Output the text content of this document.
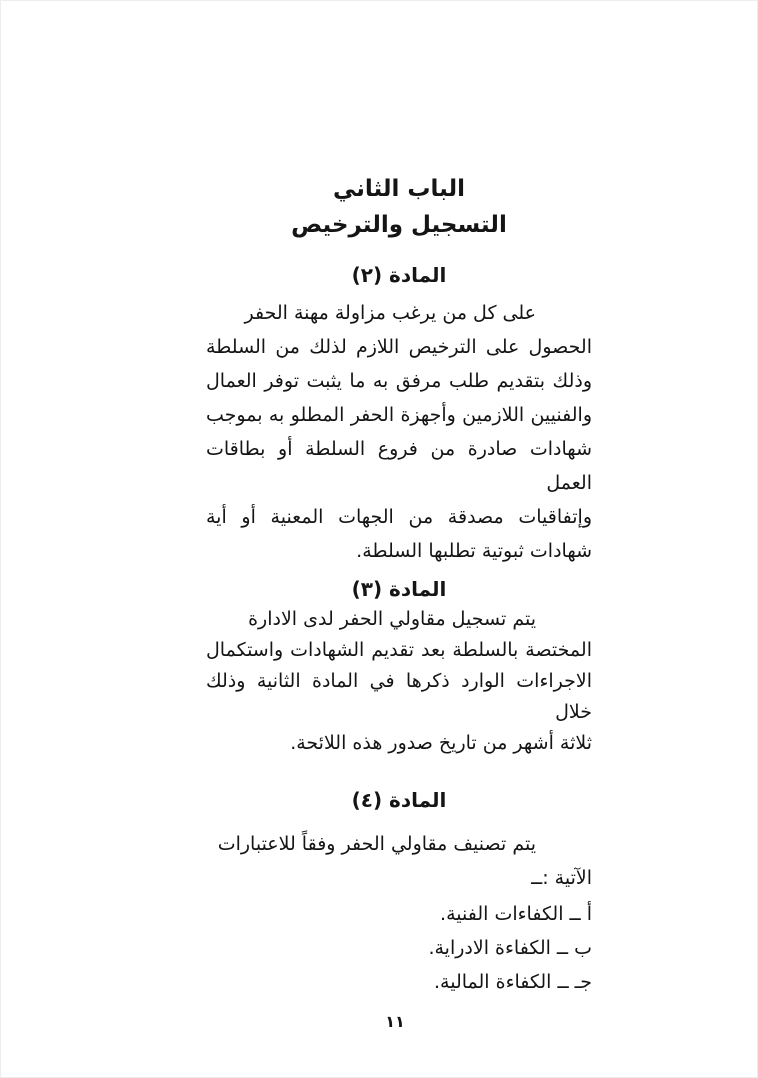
الباب الثاني
التسجيل والترخيص
المادة (٢)
على كل من يرغب مزاولة مهنة الحفر
الحصول على الترخيص اللازم لذلك من السلطة
وذلك بتقديم طلب مرفق به ما يثبت توفر العمال
والفنيين اللازمين وأجهزة الحفر المطلو به بموجب
شهادات صادرة من فروع السلطة أو بطاقات العمل
وإتفاقيات مصدقة من الجهات المعنية أو أية
شهادات ثبوتية تطلبها السلطة.
المادة (٣)
يتم تسجيل مقاولي الحفر لدى الادارة
المختصة بالسلطة بعد تقديم الشهادات واستكمال
الاجراءات الوارد ذكرها في المادة الثانية وذلك خلال
ثلاثة أشهر من تاريخ صدور هذه اللائحة.
المادة (٤)
يتم تصنيف مقاولي الحفر وفقاً للاعتبارات
الآتية :ــ
أ ــ الكفاءات الفنية.
ب ــ الكفاءة الادراية.
جـ ــ الكفاءة المالية.
١١
